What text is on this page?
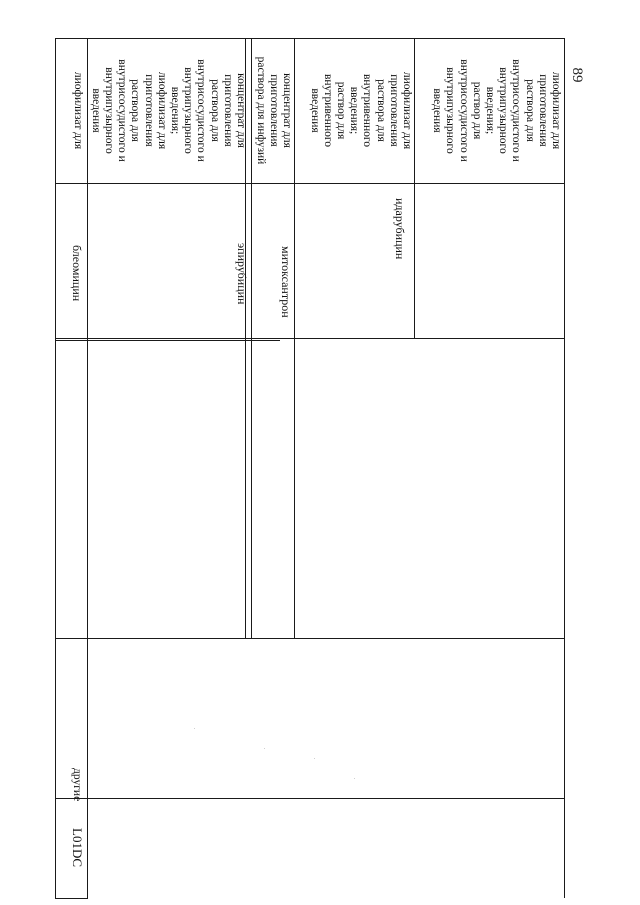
89
лиофилизат для
приготовления
раствора для
внутрисосудистого и
внутрипузырного
введения;
раствор для
внутрисосудистого и
внутрипузырного
введения
идарубицин
лиофилизат для
приготовления
раствора для
внутривенного
введения;
раствор для
внутривенного
введения
митоксантрон
концентрат для
приготовления
раствора для инфузий
эпирубицин
концентрат для
приготовления
раствора для
внутрисосудистого и
внутрипузырного
введения;
лиофилизат для
приготовления
раствора для
внутрисосудистого и
внутрипузырного
введения
блеомицин
лиофилизат для
другие
L01DC
